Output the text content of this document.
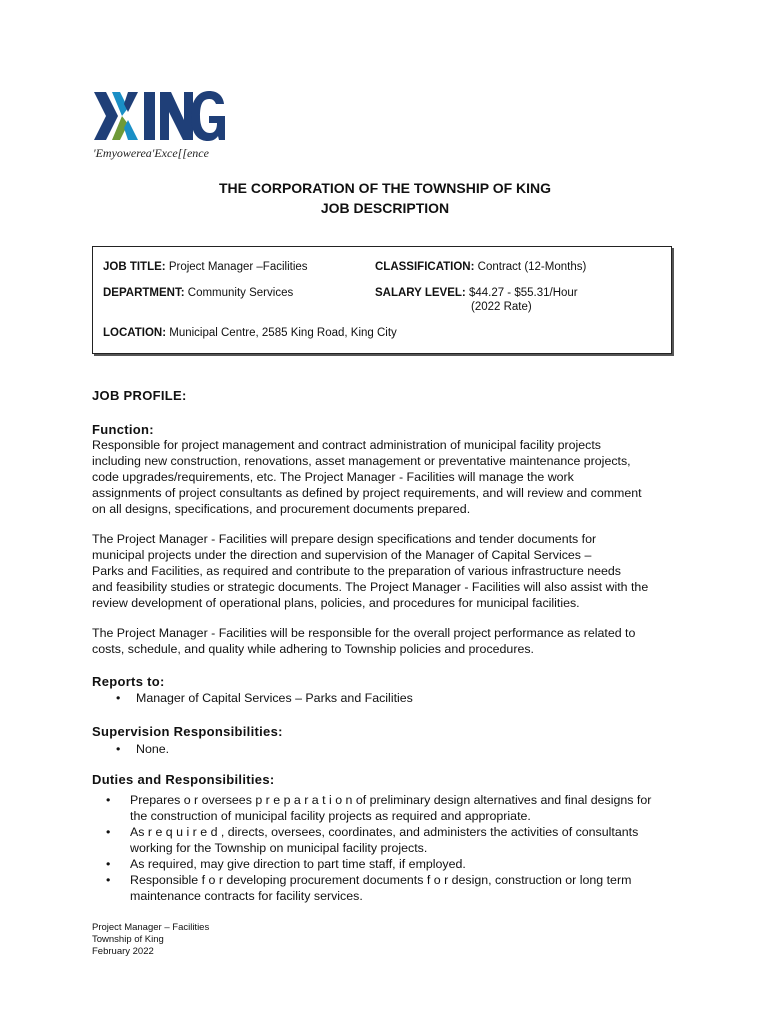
'Emyowerea'Exce[[ence
THE CORPORATION OF THE TOWNSHIP OF KING
JOB DESCRIPTION
JOB TITLE: Project Manager –Facilities	CLASSIFICATION: Contract (12-Months)
DEPARTMENT: Community Services	SALARY LEVEL: $44.27 - $55.31/Hour
(2022 Rate)
LOCATION: Municipal Centre, 2585 King Road, King City
JOB PROFILE:
Function:
Responsible for project management and contract administration of municipal facility projects
including new construction, renovations, asset management or preventative maintenance projects,
code upgrades/requirements, etc. The Project Manager - Facilities will manage the work
assignments of project consultants as defined by project requirements, and will review and comment
on all designs, specifications, and procurement documents prepared.
The Project Manager - Facilities will prepare design specifications and tender documents for
municipal projects under the direction and supervision of the Manager of Capital Services –
Parks and Facilities, as required and contribute to the preparation of various infrastructure needs
and feasibility studies or strategic documents. The Project Manager - Facilities will also assist with the
review development of operational plans, policies, and procedures for municipal facilities.
The Project Manager - Facilities will be responsible for the overall project performance as related to
costs, schedule, and quality while adhering to Township policies and procedures.
Reports to:
• Manager of Capital Services – Parks and Facilities
Supervision Responsibilities:
• None.
Duties and Responsibilities:
• Prepares o r oversees p r e p a r a t i o n of preliminary design alternatives and final designs for
the construction of municipal facility projects as required and appropriate.
• As r e q u i r e d , directs, oversees, coordinates, and administers the activities of consultants
working for the Township on municipal facility projects.
• As required, may give direction to part time staff, if employed.
• Responsible f o r developing procurement documents f o r design, construction or long term
maintenance contracts for facility services.
Project Manager – Facilities
Township of King
February 2022
